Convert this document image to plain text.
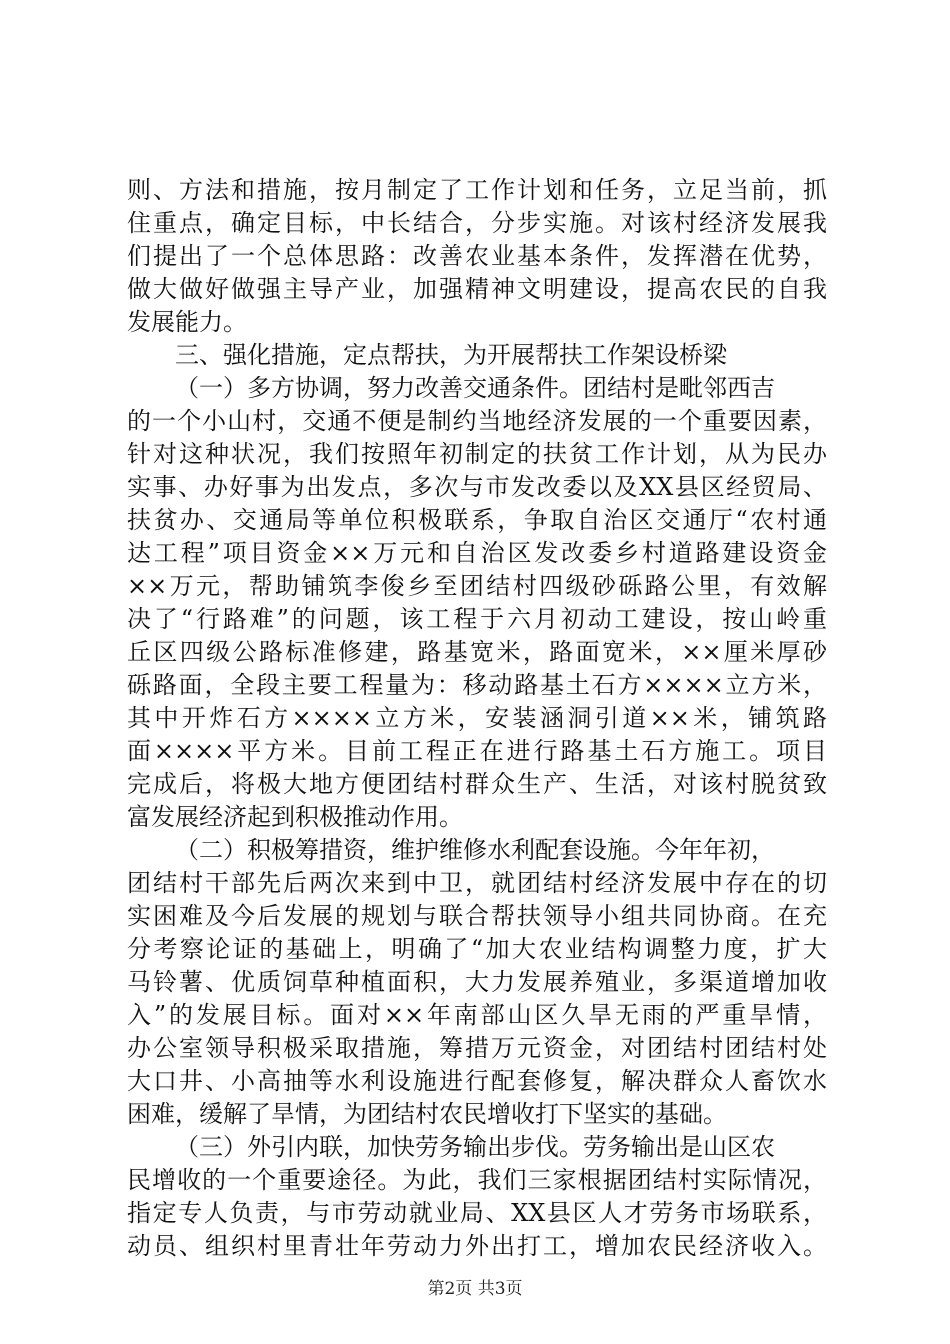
则、方法和措施，按月制定了工作计划和任务，立足当前，抓
住重点，确定目标，中长结合，分步实施。对该村经济发展我
们提出了一个总体思路：改善农业基本条件，发挥潜在优势，
做大做好做强主导产业，加强精神文明建设，提高农民的自我
发展能力。
三、强化措施，定点帮扶，为开展帮扶工作架设桥梁
（一）多方协调，努力改善交通条件。团结村是毗邻西吉
的一个小山村，交通不便是制约当地经济发展的一个重要因素，
针对这种状况，我们按照年初制定的扶贫工作计划，从为民办
实事、办好事为出发点，多次与市发改委以及XX县区经贸局、
扶贫办、交通局等单位积极联系，争取自治区交通厅“农村通
达工程”项目资金××万元和自治区发改委乡村道路建设资金
××万元，帮助铺筑李俊乡至团结村四级砂砾路公里，有效解
决了“行路难”的问题，该工程于六月初动工建设，按山岭重
丘区四级公路标准修建，路基宽米，路面宽米，××厘米厚砂
砾路面，全段主要工程量为：移动路基土石方××××立方米，
其中开炸石方××××立方米，安装涵洞引道××米，铺筑路
面××××平方米。目前工程正在进行路基土石方施工。项目
完成后，将极大地方便团结村群众生产、生活，对该村脱贫致
富发展经济起到积极推动作用。
（二）积极筹措资，维护维修水利配套设施。今年年初，
团结村干部先后两次来到中卫，就团结村经济发展中存在的切
实困难及今后发展的规划与联合帮扶领导小组共同协商。在充
分考察论证的基础上，明确了“加大农业结构调整力度，扩大
马铃薯、优质饲草种植面积，大力发展养殖业，多渠道增加收
入”的发展目标。面对××年南部山区久旱无雨的严重旱情，
办公室领导积极采取措施，筹措万元资金，对团结村团结村处
大口井、小高抽等水利设施进行配套修复，解决群众人畜饮水
困难，缓解了旱情，为团结村农民增收打下坚实的基础。
（三）外引内联，加快劳务输出步伐。劳务输出是山区农
民增收的一个重要途径。为此，我们三家根据团结村实际情况，
指定专人负责，与市劳动就业局、XX县区人才劳务市场联系，
动员、组织村里青壮年劳动力外出打工，增加农民经济收入。
第2页 共3页
